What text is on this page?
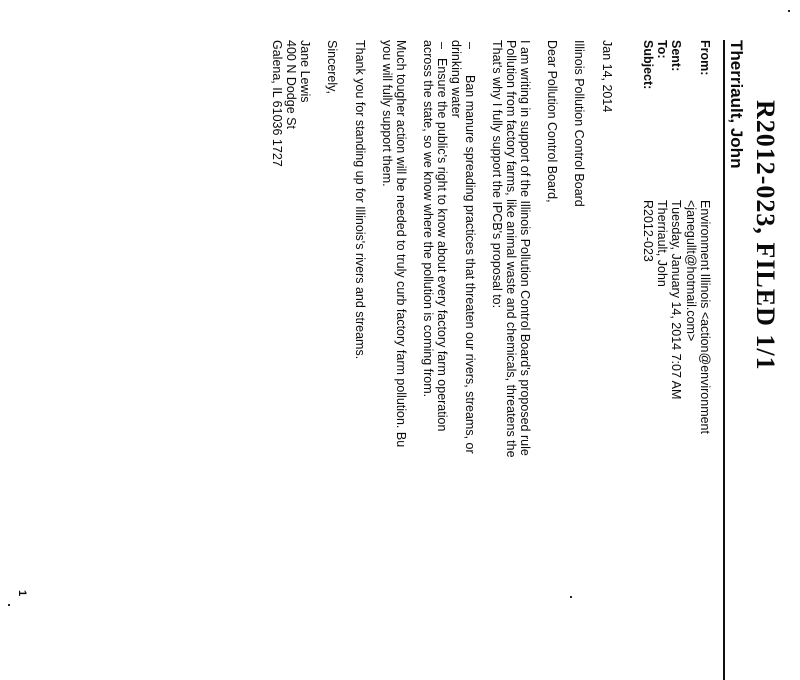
R2012-023, FILED 1/1
Therriault, John
From:
Environment Illinois <action@environment
<janegullt@hotmail.com>
Sent:
Tuesday, January 14, 2014 7:07 AM
To:
Therriault, John
Subject:
R2012-023
Jan 14, 2014
Illinois Pollution Control Board
Dear Pollution Control Board,
I am writing in support of the Illinois Pollution Control Board's proposed rule
Pollution from factory farms, like animal waste and chemicals, threatens the
That's why I fully support the IPCB's proposal to:
–
Ban manure spreading practices that threaten our rivers, streams, or
drinking water
–
Ensure the public's right to know about every factory farm operation
across the state, so we know where the pollution is coming from.
Much tougher action will be needed to truly curb factory farm pollution. Bu
you will fully support them.
Thank you for standing up for Illinois's rivers and streams.
Sincerely,
Jane Lewis
400 N Dodge St
Galena, IL 61036 1727
1
